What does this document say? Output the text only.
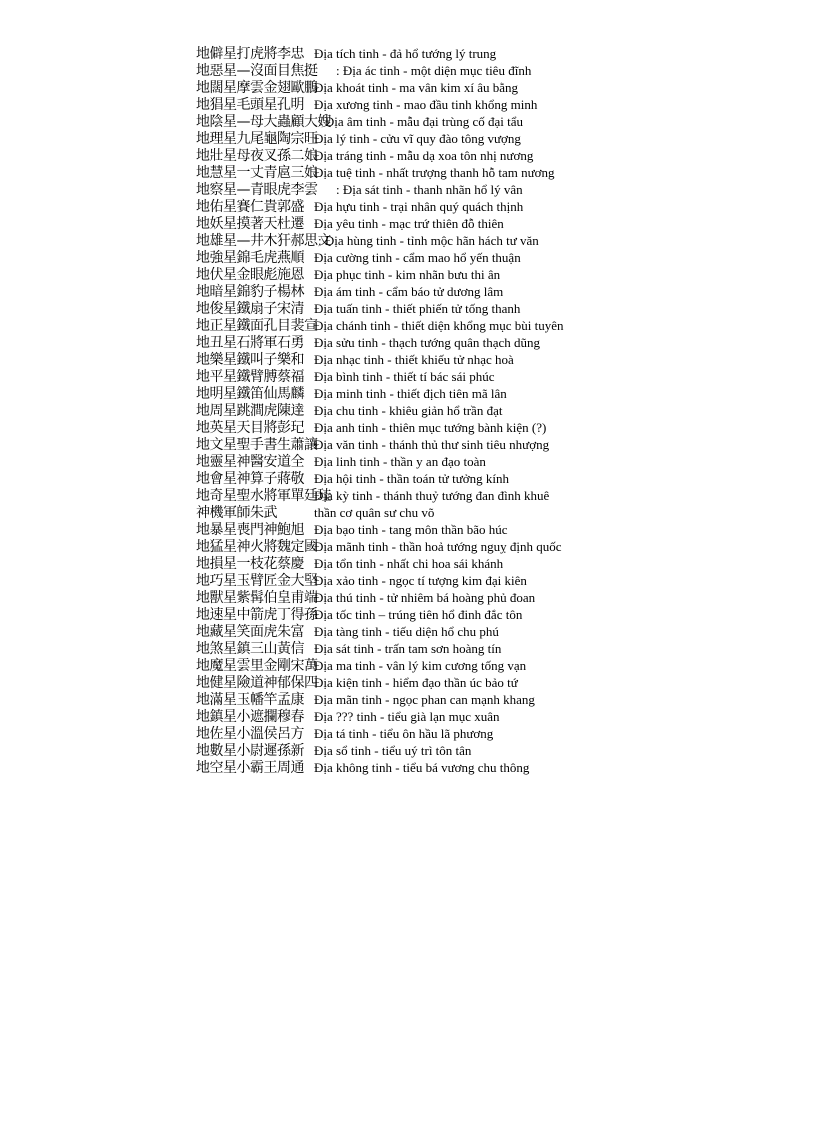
地僻星打虎將李忠 Địa tích tinh - đả hổ tướng lý trung
地惡星—沒面目焦挺 : Địa ác tinh - một diện mục tiêu đĩnh
地闊星摩雲金翅歐鵬
Địa khoát tinh - ma vân kim xí âu bằng
地猖星毛頭星孔明 Địa xương tinh - mao đầu tinh khổng minh
地陰星—母大蟲顧大嫂
: Địa âm tinh - mẫu đại trùng cố đại tẩu
地理星九尾龜陶宗旺
Địa lý tinh - cửu vĩ quy đào tông vượng
地壯星母夜叉孫二娘
Địa tráng tinh - mẫu dạ xoa tôn nhị nương
地慧星一丈青扈三娘
Địa tuệ tinh - nhất trượng thanh hỗ tam nương
地察星—青眼虎李雲 : Địa sát tinh - thanh nhãn hổ lý vân
地佑星賽仁貴郭盛 Địa hựu tinh - trại nhân quý quách thịnh
地妖星摸著天杜遷 Địa yêu tinh - mạc trứ thiên đỗ thiên
地雄星—井木犴郝思文
: Địa hùng tinh - tỉnh mộc hãn hách tư văn
地強星錦毛虎燕順 Địa cường tinh - cẩm mao hổ yến thuận
地伏星金眼彪施恩 Địa phục tinh - kim nhãn bưu thi ân
地暗星錦豹子楊林 Địa ám tinh - cẩm báo tử dương lâm
地俊星鐵扇子宋清 Địa tuấn tinh - thiết phiến tử tống thanh
地正星鐵面孔目裴宣
Địa chánh tinh - thiết diện khổng mục bùi tuyên
地丑星石將軍石勇 Địa sửu tinh - thạch tướng quân thạch dũng
地樂星鐵叫子樂和 Địa nhạc tinh - thiết khiếu tử nhạc hoà
地平星鐵臂膊蔡福 Địa bình tinh - thiết tí bác sái phúc
地明星鐵笛仙馬麟 Địa minh tinh - thiết địch tiên mã lân
地周星跳澗虎陳達 Địa chu tinh - khiêu giản hổ trần đạt
地英星天目將彭玘 Địa anh tinh - thiên mục tướng bành kiện (?)
地文星聖手書生蕭讓
Địa văn tinh - thánh thủ thư sinh tiêu nhượng
地靈星神醫安道全 Địa linh tinh - thần y an đạo toàn
地會星神算子蔣敬 Địa hội tinh - thần toán tử tưởng kính
地奇星聖水將軍單廷珪
Địa kỳ tinh - thánh thuỷ tướng đan đình khuê
神機軍師朱武	thần cơ quân sư chu võ
地暴星喪門神鮑旭 Địa bạo tinh - tang môn thần bão húc
地猛星神火將魏定國
Địa mãnh tinh - thần hoả tướng nguỵ định quốc
地損星一枝花蔡慶 Địa tổn tinh - nhất chi hoa sái khánh
地巧星玉臂匠金大堅
Địa xảo tinh - ngọc tí tượng kim đại kiên
地獸星紫髯伯皇甫端
Địa thú tinh - tử nhiêm bá hoàng phủ đoan
地速星中箭虎丁得孫
Địa tốc tinh – trúng tiên hổ đinh đắc tôn
地藏星笑面虎朱富 Địa tàng tinh - tiếu diện hổ chu phú
地煞星鎮三山黃信 Địa sát tinh - trấn tam sơn hoàng tín
地魔星雲里金剛宋萬
Địa ma tinh - vân lý kim cương tống vạn
地健星險道神郁保四
Địa kiện tinh - hiểm đạo thần úc bảo tứ
地滿星玉幡竿孟康 Địa mãn tinh - ngọc phan can mạnh khang
地鎮星小遮攔穆春 Địa ??? tinh - tiểu già lạn mục xuân
地佐星小溫侯呂方 Địa tá tinh - tiểu ôn hầu lã phương
地數星小尉遲孫新 Địa sổ tinh - tiểu uý trì tôn tân
地空星小霸王周通 Địa không tinh - tiểu bá vương chu thông
